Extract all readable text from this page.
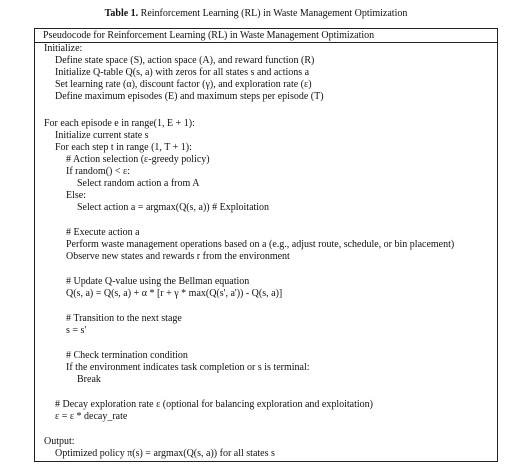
Table 1. Reinforcement Learning (RL) in Waste Management Optimization
Pseudocode for Reinforcement Learning (RL) in Waste Management Optimization
Initialize:
Define state space (S), action space (A), and reward function (R)
Initialize Q-table Q(s, a) with zeros for all states s and actions a
Set learning rate (α), discount factor (γ), and exploration rate (ε)
Define maximum episodes (E) and maximum steps per episode (T)
For each episode e in range(1, E + 1):
Initialize current state s
For each step t in range (1, T + 1):
# Action selection (ε-greedy policy)
If random() < ε:
Select random action a from A
Else:
Select action a = argmax(Q(s, a)) # Exploitation
# Execute action a
Perform waste management operations based on a (e.g., adjust route, schedule, or bin placement)
Observe new states and rewards r from the environment
# Update Q-value using the Bellman equation
Q(s, a) = Q(s, a) + α * [r + γ * max(Q(s', a')) - Q(s, a)]
# Transition to the next stage
s = s'
# Check termination condition
If the environment indicates task completion or s is terminal:
Break
# Decay exploration rate ε (optional for balancing exploration and exploitation)
ε = ε * decay_rate
Output:
Optimized policy π(s) = argmax(Q(s, a)) for all states s
